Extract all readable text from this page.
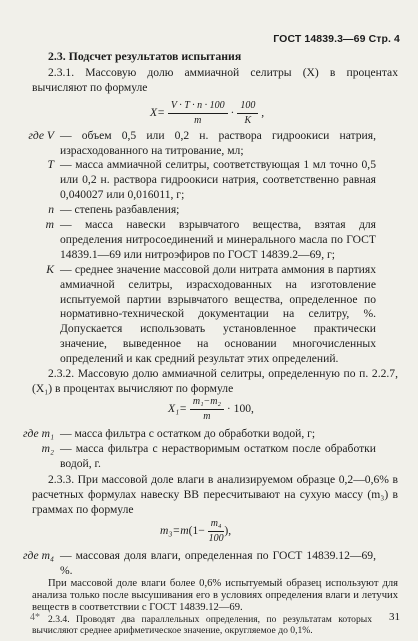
ГОСТ 14839.3—69 Стр. 4
2.3. Подсчет результатов испытания
2.3.1. Массовую долю аммиачной селитры (X) в процентах вычисляют по формуле
$X= \frac{V \cdot T \cdot n \cdot 100}{m} \cdot \frac{100}{K}$ ,
где V — объем 0,5 или 0,2 н. раствора гидроокиси натрия, израсходованного на титрование, мл;
T — масса аммиачной селитры, соответствующая 1 мл точно 0,5 или 0,2 н. раствора гидроокиси натрия, соответственно равная 0,040027 или 0,016011, г;
n — степень разбавления;
m — масса навески взрывчатого вещества, взятая для определения нитросоединений и минерального масла по ГОСТ 14839.1—69 или нитроэфиров по ГОСТ 14839.2—69, г;
K — среднее значение массовой доли нитрата аммония в партиях аммиачной селитры, израсходованных на изготовление испытуемой партии взрывчатого вещества, определенное по нормативно-технической документации на селитру, %. Допускается использовать установленное практически значение, выведенное на основании многочисленных определений и как средний результат этих определений.
2.3.2. Массовую долю аммиачной селитры, определенную по п. 2.2.7, (X₁) в процентах вычисляют по формуле
$X_1= \frac{\text{m₁−m₂}}{m} \cdot 100$,
где m₁ — масса фильтра с остатком до обработки водой, г;
m₂ — масса фильтра с нерастворимым остатком после обработки водой, г.
2.3.3. При массовой доле влаги в анализируемом образце 0,2—0,6% в расчетных формулах навеску ВВ пересчитывают на сухую массу (m₃) в граммах по формуле
$m_3=m(1- \frac{\text{m₄}}{100}$ ),
где m₄ — массовая доля влаги, определенная по ГОСТ 14839.12—69, %.
При массовой доле влаги более 0,6% испытуемый образец используют для анализа только после высушивания его в условиях определения влаги и летучих веществ в соответствии с ГОСТ 14839.12—69.
2.3.4. Проводят два параллельных определения, по результатам которых вычисляют среднее арифметическое значение, округляемое до 0,1%.
4*	31
